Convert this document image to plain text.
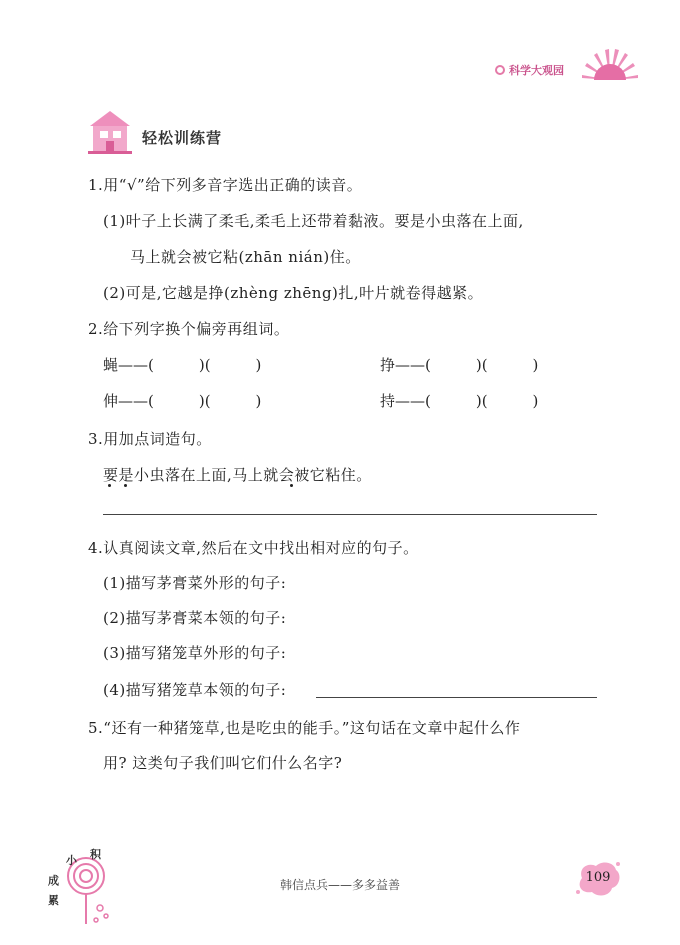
科学大观园
轻松训练营
1.用“√”给下列多音字选出正确的读音。
(1)叶子上长满了柔毛,柔毛上还带着黏液。要是小虫落在上面,
马上就会被它粘(zhān nián)住。
(2)可是,它越是挣(zhèng zhēng)扎,叶片就卷得越紧。
2.给下列字换个偏旁再组词。
蝇——(　　　)(　　　)	挣——(　　　)(　　　)
伸——(　　　)(　　　)	持——(　　　)(　　　)
3.用加点词造句。
要是小虫落在上面,马上就会被它粘住。
4.认真阅读文章,然后在文中找出相对应的句子。
(1)描写茅膏菜外形的句子:
(2)描写茅膏菜本领的句子:
(3)描写猪笼草外形的句子:
(4)描写猪笼草本领的句子:
5.“还有一种猪笼草,也是吃虫的能手。”这句话在文章中起什么作
用? 这类句子我们叫它们什么名字?
小 积
成
累
韩信点兵——多多益善	109
